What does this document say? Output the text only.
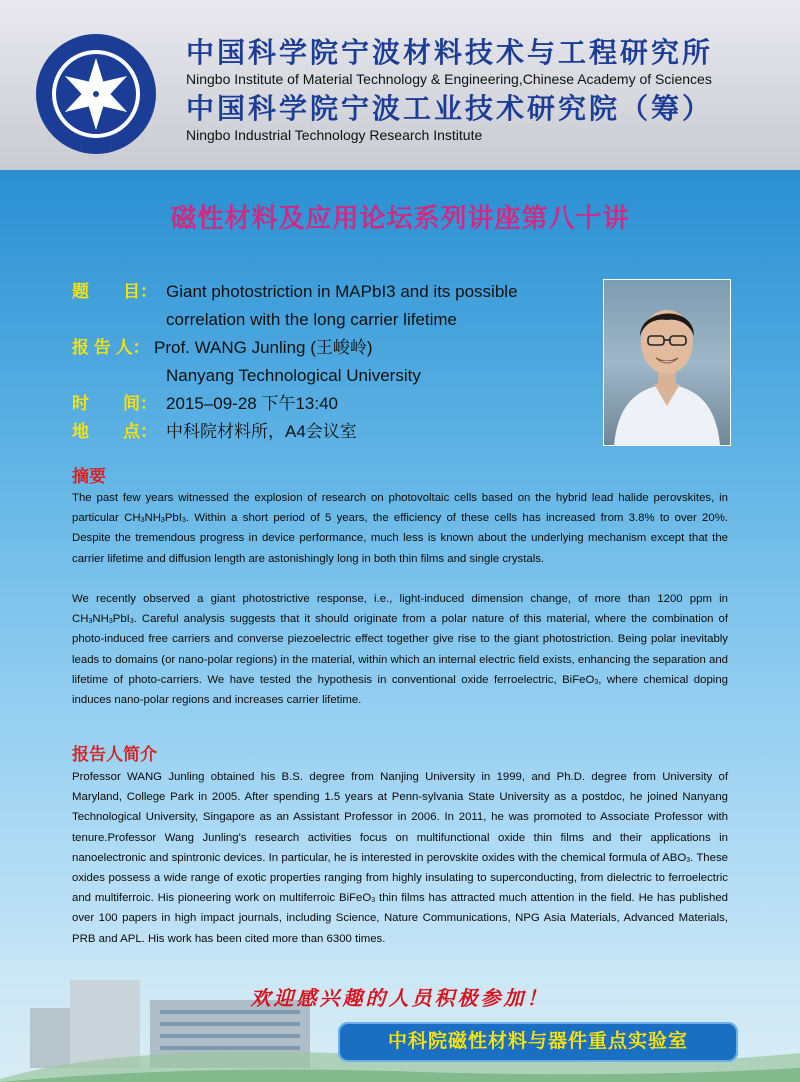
中国科学院宁波材料技术与工程研究所
Ningbo Institute of Material Technology & Engineering,Chinese Academy of Sciences
中国科学院宁波工业技术研究院（筹）
Ningbo Industrial Technology Research Institute
磁性材料及应用论坛系列讲座第八十讲
题　　目： Giant photostriction in MAPbI3 and its possible
correlation with the long carrier lifetime
报 告 人： Prof. WANG Junling (王峻岭)
Nanyang Technological University
时　　间： 2015–09-28 下午13:40
地　　点： 中科院材料所，A4会议室
摘要
The past few years witnessed the explosion of research on photovoltaic cells based on the hybrid lead halide perovskites, in particular $CH_3NH_3PbI_3$. Within a short period of 5 years, the efficiency of these cells has increased from 3.8% to over 20%. Despite the tremendous progress in device performance, much less is known about the underlying mechanism except that the carrier lifetime and diffusion length are astonishingly long in both thin films and single crystals.
We recently observed a giant photostrictive response, i.e., light-induced dimension change, of more than 1200 ppm in $CH_3NH_3PbI_3$. Careful analysis suggests that it should originate from a polar nature of this material, where the combination of photo-induced free carriers and converse piezoelectric effect together give rise to the giant photostriction. Being polar inevitably leads to domains (or nano-polar regions) in the material, within which an internal electric field exists, enhancing the separation and lifetime of photo-carriers. We have tested the hypothesis in conventional oxide ferroelectric, BiFeO$_3$, where chemical doping induces nano-polar regions and increases carrier lifetime.
报告人简介
Professor WANG Junling obtained his B.S. degree from Nanjing University in 1999, and Ph.D. degree from University of Maryland, College Park in 2005. After spending 1.5 years at Penn-sylvania State University as a postdoc, he joined Nanyang Technological University, Singapore as an Assistant Professor in 2006. In 2011, he was promoted to Associate Professor with tenure.Professor Wang Junling's research activities focus on multifunctional oxide thin films and their applications in nanoelectronic and spintronic devices. In particular, he is interested in perovskite oxides with the chemical formula of $ABO_3$. These oxides possess a wide range of exotic properties ranging from highly insulating to superconducting, from dielectric to ferroelectric and multiferroic. His pioneering work on multiferroic BiFeO$_3$ thin films has attracted much attention in the field. He has published over 100 papers in high impact journals, including Science, Nature Communications, NPG Asia Materials, Advanced Materials, PRB and APL. His work has been cited more than 6300 times.
欢迎感兴趣的人员积极参加！
中科院磁性材料与器件重点实验室
